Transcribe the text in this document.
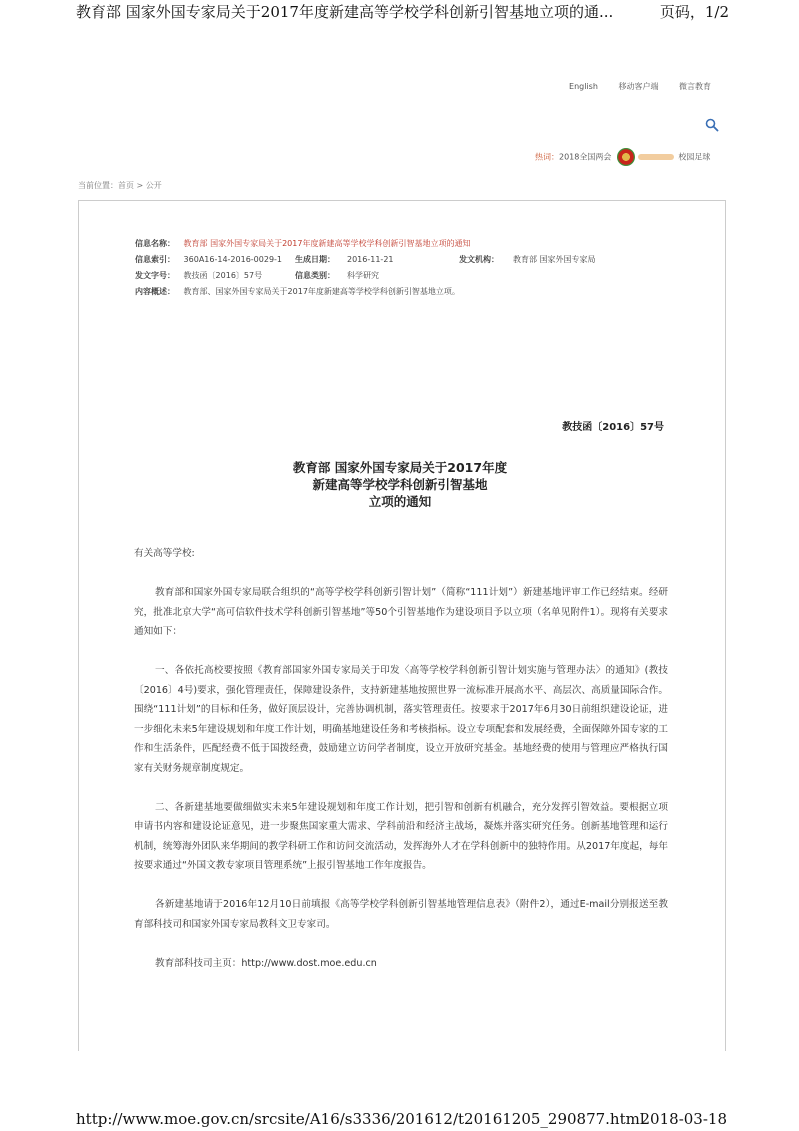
教育部 国家外国专家局关于2017年度新建高等学校学科创新引智基地立项的通...	页码，1/2
English	移动客户端	微言教育
热词：2018全国两会	校园足球
当前位置：首页 > 公开
信息名称： 教育部 国家外国专家局关于2017年度新建高等学校学科创新引智基地立项的通知
信息索引： 360A16-14-2016-0029-1 生成日期： 2016-11-21	发文机构： 教育部 国家外国专家局
发文字号： 教技函〔2016〕57号	信息类别： 科学研究
内容概述： 教育部、国家外国专家局关于2017年度新建高等学校学科创新引智基地立项。
教技函〔2016〕57号
教育部 国家外国专家局关于2017年度
新建高等学校学科创新引智基地
立项的通知

有关高等学校:

教育部和国家外国专家局联合组织的“高等学校学科创新引智计划”（简称“111计划”）新建基地评审工作已经结束。经研究，批准北京大学“高可信软件技术学科创新引智基地”等50个引智基地作为建设项目予以立项（名单见附件1）。现将有关要求通知如下：

一、各依托高校要按照《教育部国家外国专家局关于印发〈高等学校学科创新引智计划实施与管理办法〉的通知》(教技〔2016〕4号)要求，强化管理责任，保障建设条件，支持新建基地按照世界一流标准开展高水平、高层次、高质量国际合作。围绕“111计划”的目标和任务，做好顶层设计，完善协调机制，落实管理责任。按要求于2017年6月30日前组织建设论证，进一步细化未来5年建设规划和年度工作计划，明确基地建设任务和考核指标。设立专项配套和发展经费，全面保障外国专家的工作和生活条件，匹配经费不低于国拨经费，鼓励建立访问学者制度，设立开放研究基金。基地经费的使用与管理应严格执行国家有关财务规章制度规定。

二、各新建基地要做细做实未来5年建设规划和年度工作计划，把引智和创新有机融合，充分发挥引智效益。要根据立项申请书内容和建设论证意见，进一步聚焦国家重大需求、学科前沿和经济主战场，凝炼并落实研究任务。创新基地管理和运行机制，统筹海外团队来华期间的教学科研工作和访问交流活动，发挥海外人才在学科创新中的独特作用。从2017年度起，每年按要求通过“外国文教专家项目管理系统”上报引智基地工作年度报告。

各新建基地请于2016年12月10日前填报《高等学校学科创新引智基地管理信息表》（附件2），通过E-mail分别报送至教育部科技司和国家外国专家局教科文卫专家司。

教育部科技司主页：http://www.dost.moe.edu.cn

http://www.moe.gov.cn/srcsite/A16/s3336/201612/t20161205_290877.html
2018-03-18
